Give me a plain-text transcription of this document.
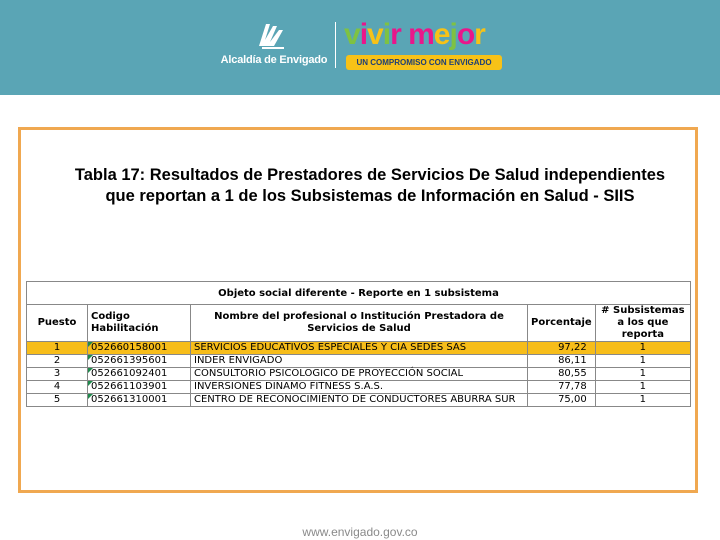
Alcaldía de Envigado
vivir mejor
UN COMPROMISO CON ENVIGADO
Tabla 17: Resultados de Prestadores de Servicios De Salud independientes que reportan a 1 de los Subsistemas de Información en Salud - SIIS
Objeto social diferente - Reporte en 1 subsistema				
Puesto	Codigo Habilitación	Nombre del profesional o Institución Prestadora de Servicios de Salud	Porcentaje	# Subsistemas a los que reporta
1	052660158001	SERVICIOS EDUCATIVOS ESPECIALES Y CIA SEDES SAS	97,22	1
2	052661395601	INDER ENVIGADO	86,11	1
3	052661092401	CONSULTORIO PSICOLOGICO DE PROYECCIÓN SOCIAL	80,55	1
4	052661103901	INVERSIONES DINAMO FITNESS S.A.S.	77,78	1
5	052661310001	CENTRO DE RECONOCIMIENTO DE CONDUCTORES ABURRA SUR	75,00	1
www.envigado.gov.co
